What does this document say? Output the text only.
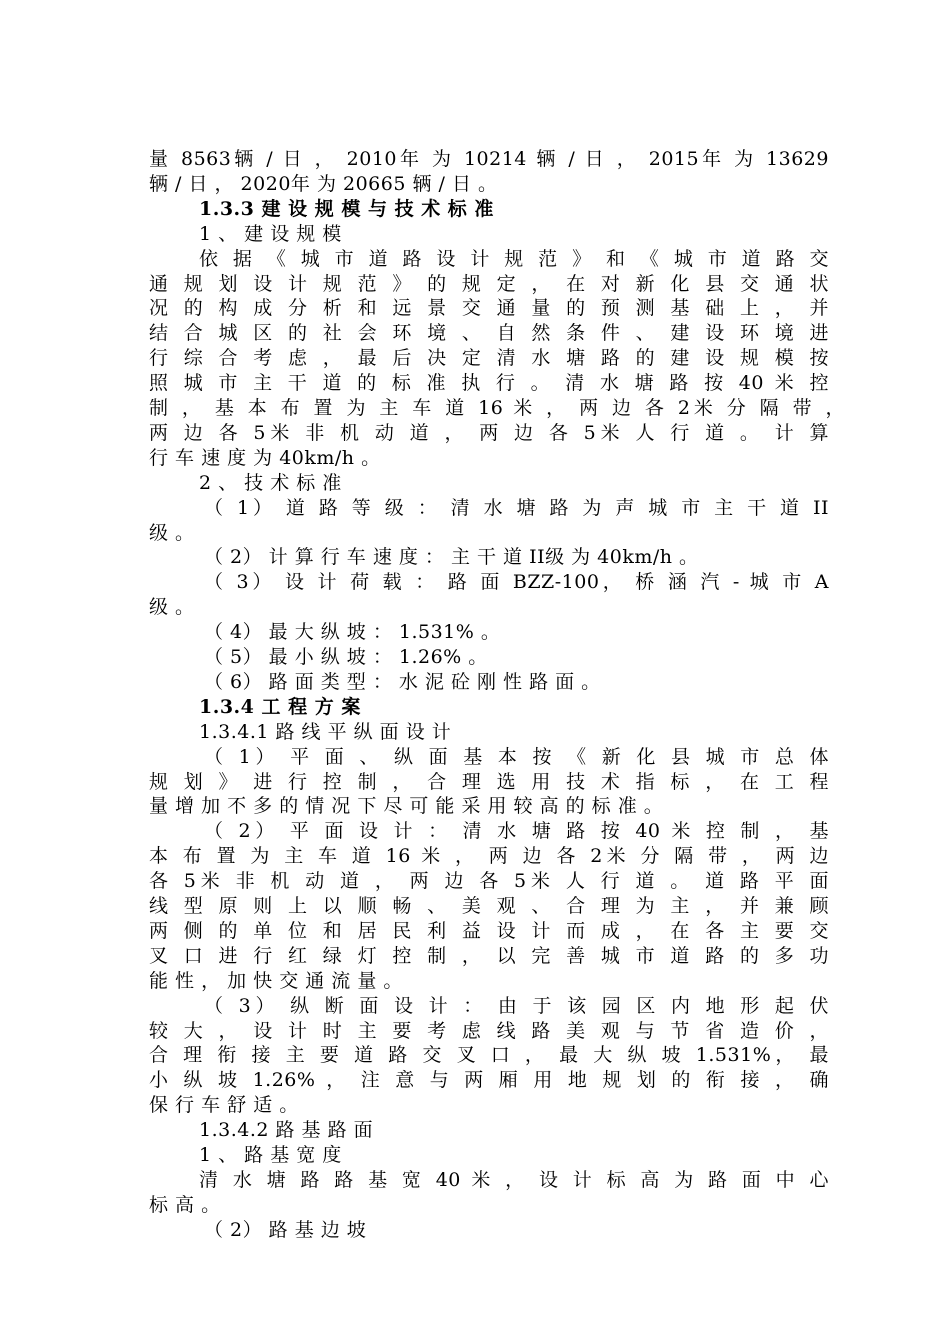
量 8563辆 / 日 ， 2010年 为 10214 辆 / 日 ， 2015年 为 13629
辆 / 日 ， 2020年 为 20665 辆 / 日 。
1.3.3 建 设 规 模 与 技 术 标 准
1 、 建 设 规 模
依 据 《 城 市 道 路 设 计 规 范 》 和 《 城 市 道 路 交
通 规 划 设 计 规 范 》 的 规 定 ， 在 对 新 化 县 交 通 状
况 的 构 成 分 析 和 远 景 交 通 量 的 预 测 基 础 上 ， 并
结 合 城 区 的 社 会 环 境 、 自 然 条 件 、 建 设 环 境 进
行 综 合 考 虑 ， 最 后 决 定 清 水 塘 路 的 建 设 规 模 按
照 城 市 主 干 道 的 标 准 执 行 。 清 水 塘 路 按 40 米 控
制 ， 基 本 布 置 为 主 车 道 16 米 ， 两 边 各 2米 分 隔 带 ，
两 边 各 5米 非 机 动 道 ， 两 边 各 5米 人 行 道 。 计 算
行 车 速 度 为 40km/h 。
2 、 技 术 标 准
（ 1） 道 路 等 级 ： 清 水 塘 路 为 声 城 市 主 干 道 II
级 。
（ 2） 计 算 行 车 速 度 ： 主 干 道 II级 为 40km/h 。
（ 3） 设 计 荷 载 ： 路 面 BZZ-100， 桥 涵 汽 - 城 市 A
级 。
（ 4） 最 大 纵 坡 ： 1.531% 。
（ 5） 最 小 纵 坡 ： 1.26% 。
（ 6） 路 面 类 型 ： 水 泥 砼 刚 性 路 面 。
1.3.4 工 程 方 案
1.3.4.1 路 线 平 纵 面 设 计
（ 1） 平 面 、 纵 面 基 本 按 《 新 化 县 城 市 总 体
规 划 》 进 行 控 制 ， 合 理 选 用 技 术 指 标 ， 在 工 程
量 增 加 不 多 的 情 况 下 尽 可 能 采 用 较 高 的 标 准 。
（ 2） 平 面 设 计 ： 清 水 塘 路 按 40 米 控 制 ， 基
本 布 置 为 主 车 道 16 米 ， 两 边 各 2米 分 隔 带 ， 两 边
各 5米 非 机 动 道 ， 两 边 各 5米 人 行 道 。 道 路 平 面
线 型 原 则 上 以 顺 畅 、 美 观 、 合 理 为 主 ， 并 兼 顾
两 侧 的 单 位 和 居 民 利 益 设 计 而 成 ， 在 各 主 要 交
叉 口 进 行 红 绿 灯 控 制 ， 以 完 善 城 市 道 路 的 多 功
能 性 ， 加 快 交 通 流 量 。
（ 3） 纵 断 面 设 计 ： 由 于 该 园 区 内 地 形 起 伏
较 大 ， 设 计 时 主 要 考 虑 线 路 美 观 与 节 省 造 价 ，
合 理 衔 接 主 要 道 路 交 叉 口 ， 最 大 纵 坡 1.531%， 最
小 纵 坡 1.26% ， 注 意 与 两 厢 用 地 规 划 的 衔 接 ， 确
保 行 车 舒 适 。
1.3.4.2 路 基 路 面
1 、 路 基 宽 度
清 水 塘 路 路 基 宽 40 米 ， 设 计 标 高 为 路 面 中 心
标 高 。
（ 2） 路 基 边 坡
